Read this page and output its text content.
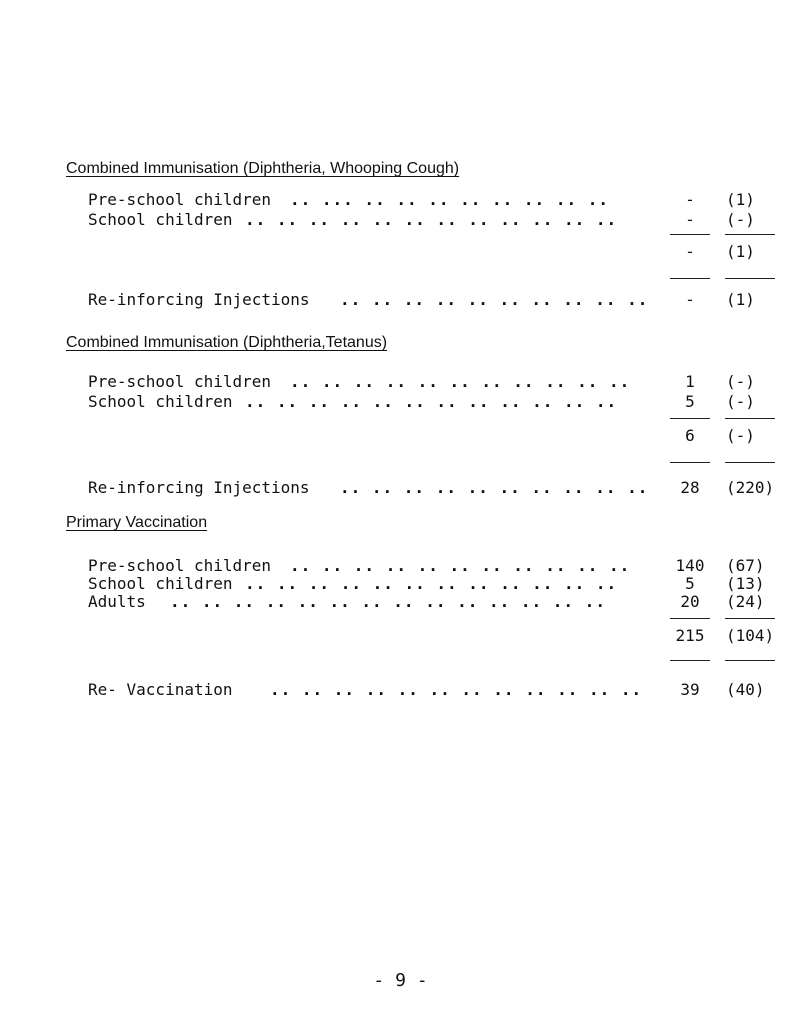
Combined Immunisation (Diphtheria, Whooping Cough)
Pre-school children .. ... .. .. .. .. .. .. .. ..	-	(1)
School children .. .. .. .. .. .. .. .. .. .. .. ..	-	(-)
-	(1)
Re-inforcing Injections .. .. .. .. .. .. .. .. .. ..	-	(1)
Combined Immunisation (Diphtheria,Tetanus)
Pre-school children .. .. .. .. .. .. .. .. .. .. ..	1	(-)
School children .. .. .. .. .. .. .. .. .. .. .. ..	5	(-)
6	(-)
Re-inforcing Injections .. .. .. .. .. .. .. .. .. ..	28	(220)
Primary Vaccination
Pre-school children .. .. .. .. .. .. .. .. .. .. ..	140	(67)
School children .. .. .. .. .. .. .. .. .. .. .. ..	5	(13)
Adults .. .. .. .. .. .. .. .. .. .. .. .. .. ..	20	(24)
215	(104)
Re- Vaccination .. .. .. .. .. .. .. .. .. .. .. ..	39	(40)
- 9 -
